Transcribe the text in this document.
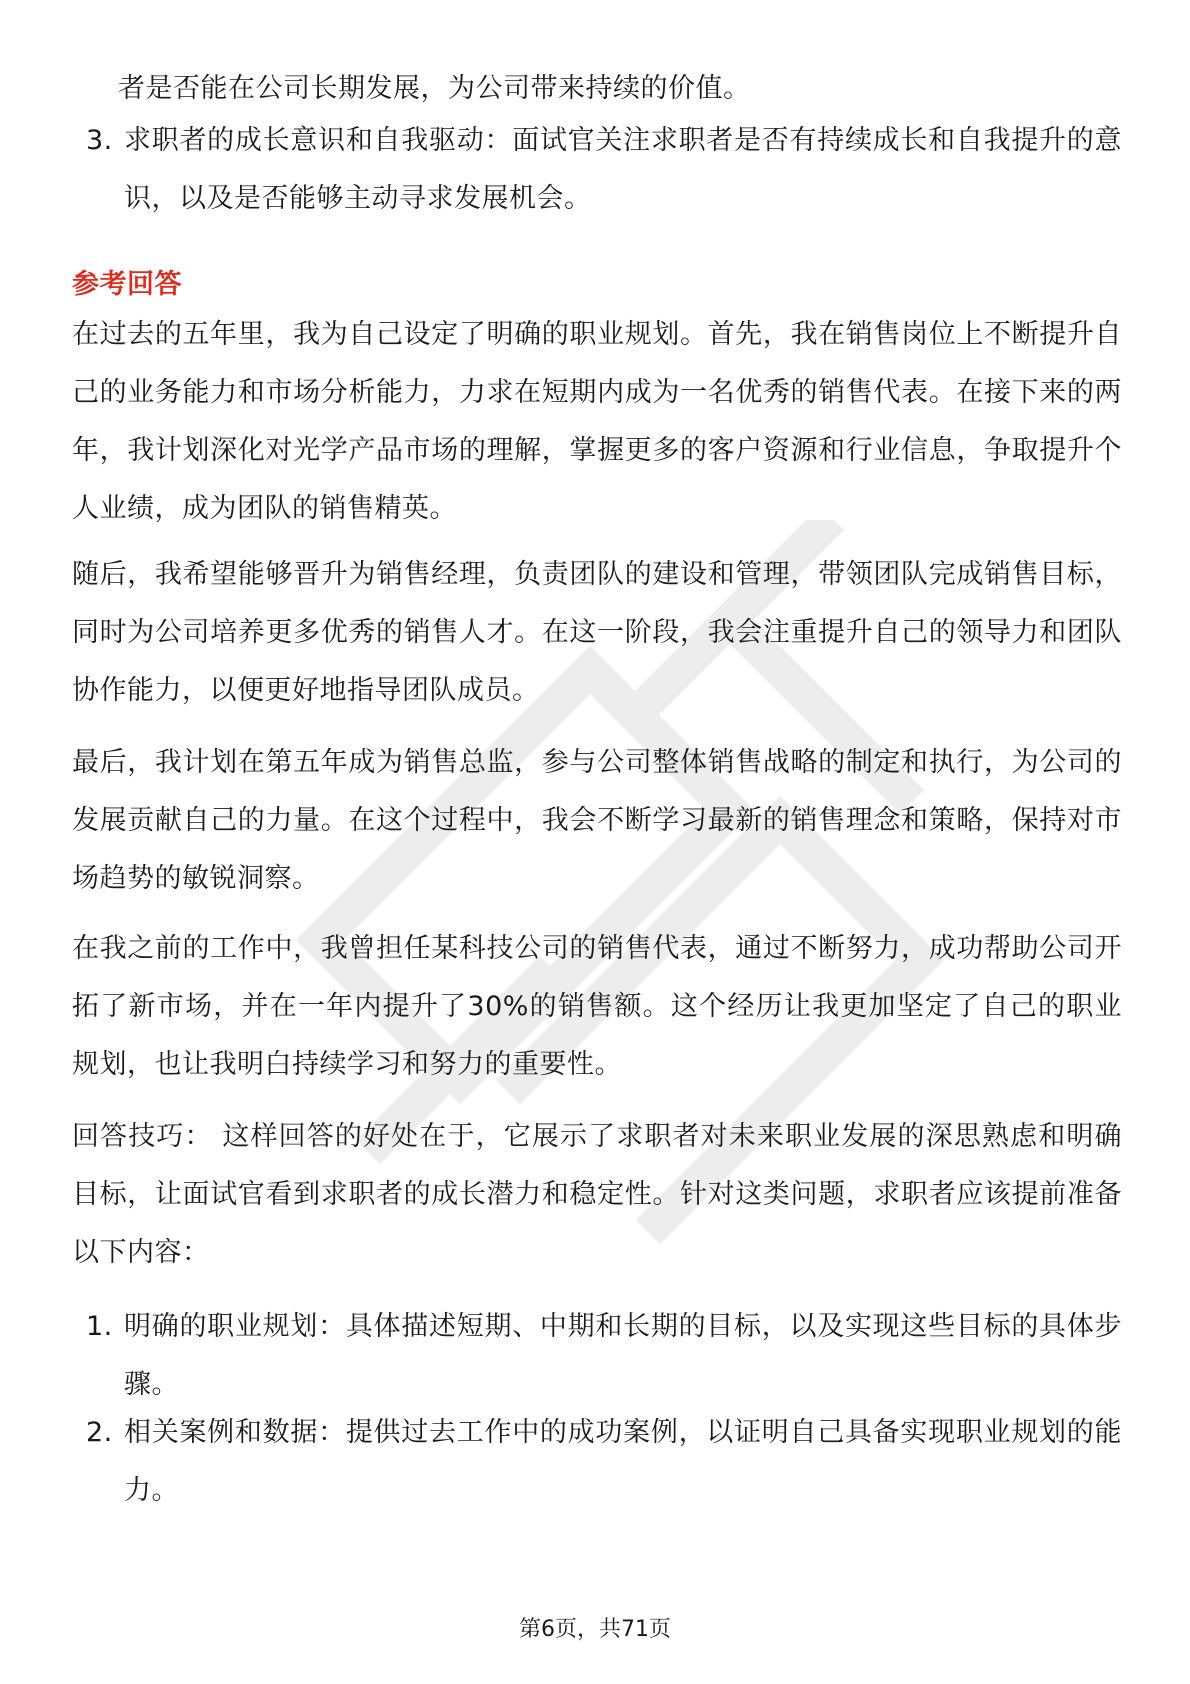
者是否能在公司长期发展，为公司带来持续的价值。
3. 求职者的成长意识和自我驱动：面试官关注求职者是否有持续成长和自我提升的意识，以及是否能够主动寻求发展机会。
参考回答

在过去的五年里，我为自己设定了明确的职业规划。首先，我在销售岗位上不断提升自己的业务能力和市场分析能力，力求在短期内成为一名优秀的销售代表。在接下来的两年，我计划深化对光学产品市场的理解，掌握更多的客户资源和行业信息，争取提升个人业绩，成为团队的销售精英。

随后，我希望能够晋升为销售经理，负责团队的建设和管理，带领团队完成销售目标，同时为公司培养更多优秀的销售人才。在这一阶段，我会注重提升自己的领导力和团队协作能力，以便更好地指导团队成员。

最后，我计划在第五年成为销售总监，参与公司整体销售战略的制定和执行，为公司的发展贡献自己的力量。在这个过程中，我会不断学习最新的销售理念和策略，保持对市场趋势的敏锐洞察。

在我之前的工作中，我曾担任某科技公司的销售代表，通过不断努力，成功帮助公司开拓了新市场，并在一年内提升了30%的销售额。这个经历让我更加坚定了自己的职业规划，也让我明白持续学习和努力的重要性。

回答技巧： 这样回答的好处在于，它展示了求职者对未来职业发展的深思熟虑和明确目标，让面试官看到求职者的成长潜力和稳定性。针对这类问题，求职者应该提前准备以下内容：

1. 明确的职业规划：具体描述短期、中期和长期的目标，以及实现这些目标的具体步骤。
2. 相关案例和数据：提供过去工作中的成功案例，以证明自己具备实现职业规划的能力。
第6页，共71页
